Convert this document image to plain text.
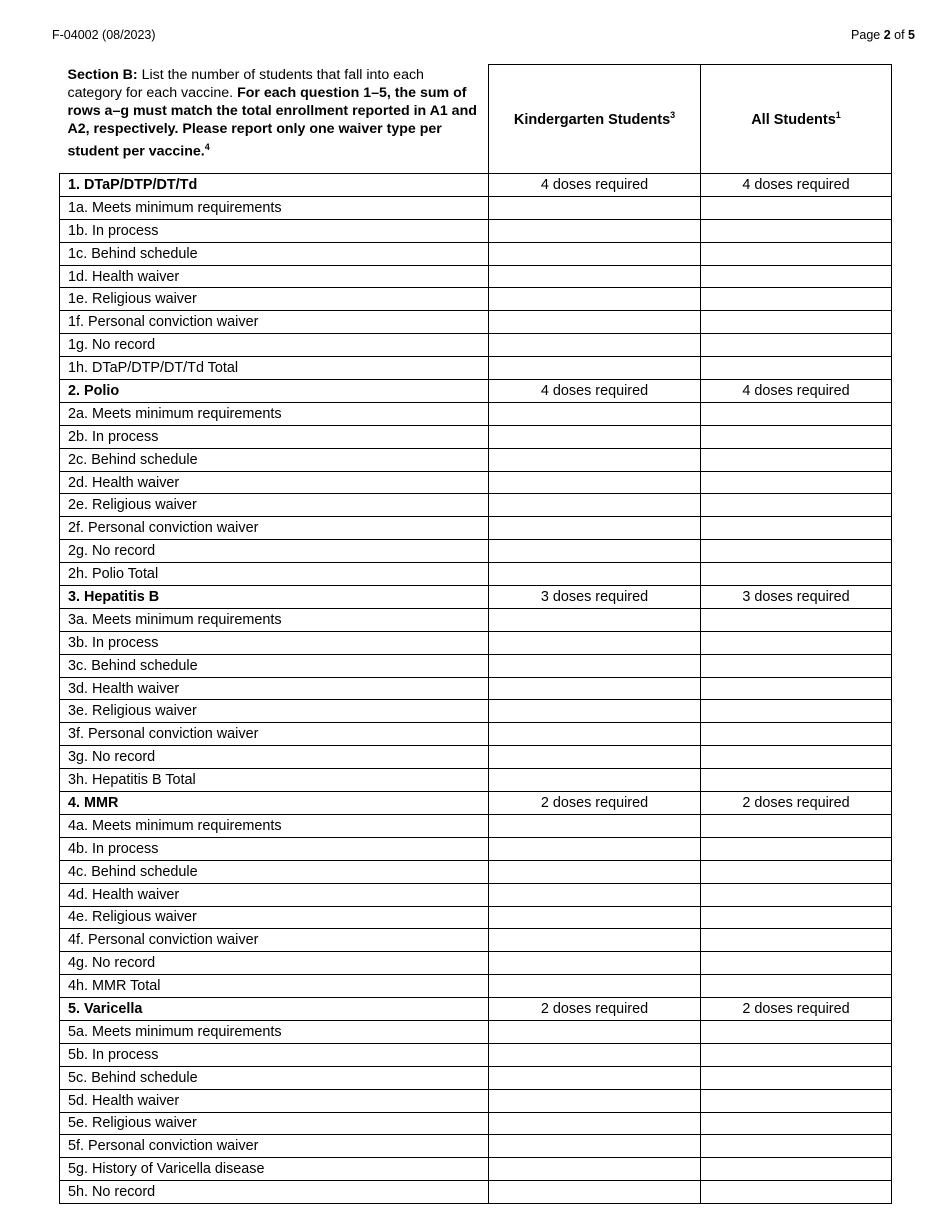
F-04002 (08/2023)	Page 2 of 5
Section B: List the number of students that fall into each category for each vaccine. For each question 1–5, the sum of rows a–g must match the total enrollment reported in A1 and A2, respectively. Please report only one waiver type per student per vaccine.$^4$	Kindergarten Students$^3$	All Students$^1$
1. DTaP/DTP/DT/Td	4 doses required	4 doses required
1a. Meets minimum requirements		
1b. In process		
1c. Behind schedule		
1d. Health waiver		
1e. Religious waiver		
1f. Personal conviction waiver		
1g. No record		
1h. DTaP/DTP/DT/Td Total		
2. Polio	4 doses required	4 doses required
2a. Meets minimum requirements		
2b. In process		
2c. Behind schedule		
2d. Health waiver		
2e. Religious waiver		
2f. Personal conviction waiver		
2g. No record		
2h. Polio Total		
3. Hepatitis B	3 doses required	3 doses required
3a. Meets minimum requirements		
3b. In process		
3c. Behind schedule		
3d. Health waiver		
3e. Religious waiver		
3f. Personal conviction waiver		
3g. No record		
3h. Hepatitis B Total		
4. MMR	2 doses required	2 doses required
4a. Meets minimum requirements		
4b. In process		
4c. Behind schedule		
4d. Health waiver		
4e. Religious waiver		
4f. Personal conviction waiver		
4g. No record		
4h. MMR Total		
5. Varicella	2 doses required	2 doses required
5a. Meets minimum requirements		
5b. In process		
5c. Behind schedule		
5d. Health waiver		
5e. Religious waiver		
5f. Personal conviction waiver		
5g. History of Varicella disease		
5h. No record		
